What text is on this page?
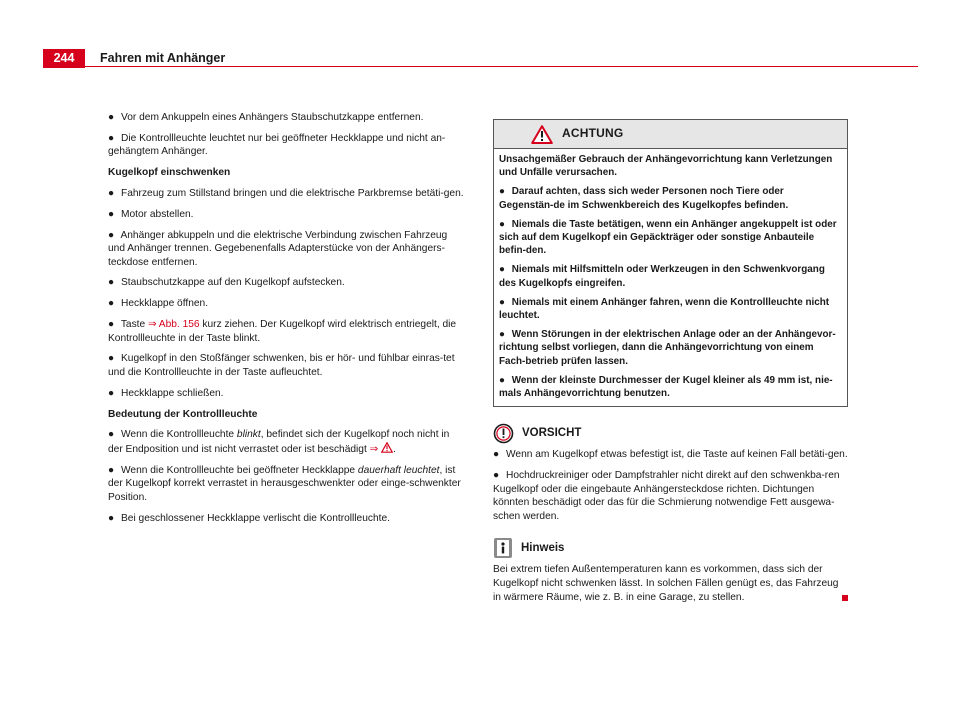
244	Fahren mit Anhänger

● Vor dem Ankuppeln eines Anhängers Staubschutzkappe entfernen.

● Die Kontrollleuchte leuchtet nur bei geöffneter Heckklappe und nicht an-gehängtem Anhänger.

Kugelkopf einschwenken

● Fahrzeug zum Stillstand bringen und die elektrische Parkbremse betäti-gen.

● Motor abstellen.

● Anhänger abkuppeln und die elektrische Verbindung zwischen Fahrzeug und Anhänger trennen. Gegebenenfalls Adapterstücke von der Anhängers-teckdose entfernen.

● Staubschutzkappe auf den Kugelkopf aufstecken.

● Heckklappe öffnen.

● Taste ⇒ Abb. 156 kurz ziehen. Der Kugelkopf wird elektrisch entriegelt, die Kontrollleuchte in der Taste blinkt.

● Kugelkopf in den Stoßfänger schwenken, bis er hör- und fühlbar einras-tet und die Kontrollleuchte in der Taste aufleuchtet.

● Heckklappe schließen.

Bedeutung der Kontrollleuchte

● Wenn die Kontrollleuchte blinkt, befindet sich der Kugelkopf noch nicht in der Endposition und ist nicht verrastet oder ist beschädigt ⇒ .

● Wenn die Kontrollleuchte bei geöffneter Heckklappe dauerhaft leuchtet, ist der Kugelkopf korrekt verrastet in herausgeschwenkter oder einge-schwenkter Position.

● Bei geschlossener Heckklappe verlischt die Kontrollleuchte.

ACHTUNG

Unsachgemäßer Gebrauch der Anhängevorrichtung kann Verletzungen und Unfälle verursachen.

● Darauf achten, dass sich weder Personen noch Tiere oder Gegenstän-de im Schwenkbereich des Kugelkopfes befinden.

● Niemals die Taste betätigen, wenn ein Anhänger angekuppelt ist oder sich auf dem Kugelkopf ein Gepäckträger oder sonstige Anbauteile befin-den.

● Niemals mit Hilfsmitteln oder Werkzeugen in den Schwenkvorgang des Kugelkopfs eingreifen.

● Niemals mit einem Anhänger fahren, wenn die Kontrollleuchte nicht leuchtet.

● Wenn Störungen in der elektrischen Anlage oder an der Anhängevor-richtung selbst vorliegen, dann die Anhängevorrichtung von einem Fach-betrieb prüfen lassen.

● Wenn der kleinste Durchmesser der Kugel kleiner als 49 mm ist, nie-mals Anhängevorrichtung benutzen.

VORSICHT

● Wenn am Kugelkopf etwas befestigt ist, die Taste auf keinen Fall betäti-gen.

● Hochdruckreiniger oder Dampfstrahler nicht direkt auf den schwenkba-ren Kugelkopf oder die eingebaute Anhängersteckdose richten. Dichtungen könnten beschädigt oder das für die Schmierung notwendige Fett ausgewa-schen werden.

Hinweis

Bei extrem tiefen Außentemperaturen kann es vorkommen, dass sich der Kugelkopf nicht schwenken lässt. In solchen Fällen genügt es, das Fahrzeug in wärmere Räume, wie z. B. in eine Garage, zu stellen.
